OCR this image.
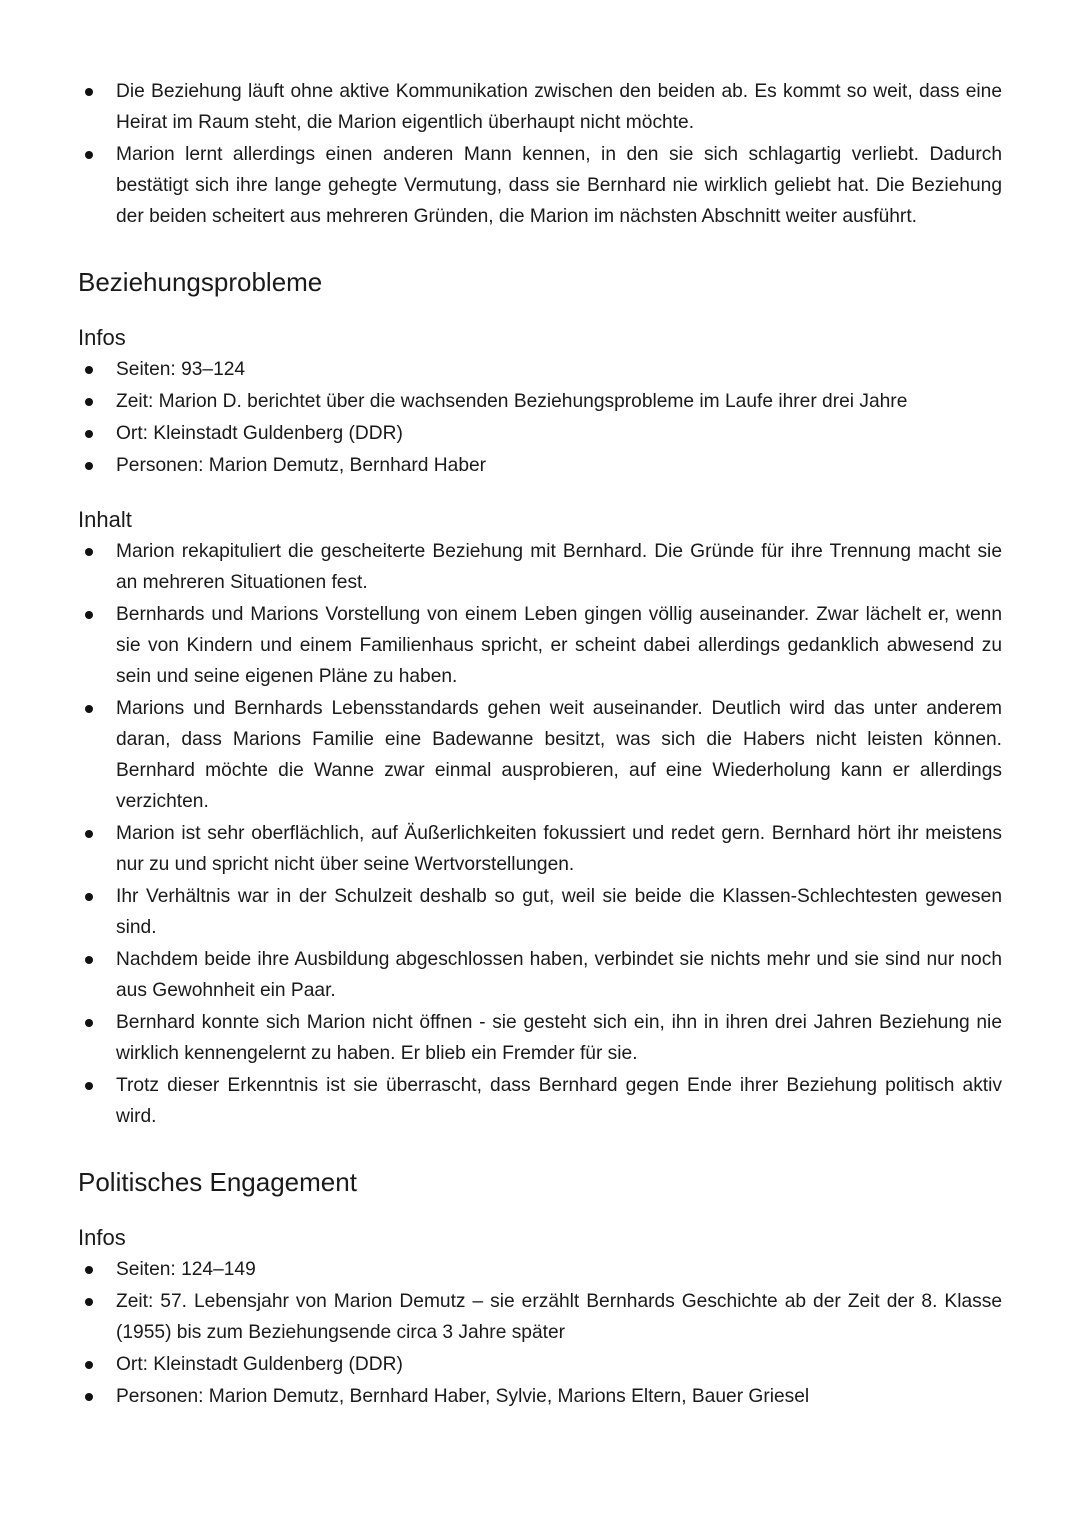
Die Beziehung läuft ohne aktive Kommunikation zwischen den beiden ab. Es kommt so weit, dass eine Heirat im Raum steht, die Marion eigentlich überhaupt nicht möchte.
Marion lernt allerdings einen anderen Mann kennen, in den sie sich schlagartig verliebt. Dadurch bestätigt sich ihre lange gehegte Vermutung, dass sie Bernhard nie wirklich geliebt hat. Die Beziehung der beiden scheitert aus mehreren Gründen, die Marion im nächsten Abschnitt weiter ausführt.
Beziehungsprobleme
Infos
Seiten: 93–124
Zeit: Marion D. berichtet über die wachsenden Beziehungsprobleme im Laufe ihrer drei Jahre
Ort: Kleinstadt Guldenberg (DDR)
Personen: Marion Demutz, Bernhard Haber
Inhalt
Marion rekapituliert die gescheiterte Beziehung mit Bernhard. Die Gründe für ihre Trennung macht sie an mehreren Situationen fest.
Bernhards und Marions Vorstellung von einem Leben gingen völlig auseinander. Zwar lächelt er, wenn sie von Kindern und einem Familienhaus spricht, er scheint dabei allerdings gedanklich abwesend zu sein und seine eigenen Pläne zu haben.
Marions und Bernhards Lebensstandards gehen weit auseinander. Deutlich wird das unter anderem daran, dass Marions Familie eine Badewanne besitzt, was sich die Habers nicht leisten können. Bernhard möchte die Wanne zwar einmal ausprobieren, auf eine Wiederholung kann er allerdings verzichten.
Marion ist sehr oberflächlich, auf Äußerlichkeiten fokussiert und redet gern. Bernhard hört ihr meistens nur zu und spricht nicht über seine Wertvorstellungen.
Ihr Verhältnis war in der Schulzeit deshalb so gut, weil sie beide die Klassen-Schlechtesten gewesen sind.
Nachdem beide ihre Ausbildung abgeschlossen haben, verbindet sie nichts mehr und sie sind nur noch aus Gewohnheit ein Paar.
Bernhard konnte sich Marion nicht öffnen - sie gesteht sich ein, ihn in ihren drei Jahren Beziehung nie wirklich kennengelernt zu haben. Er blieb ein Fremder für sie.
Trotz dieser Erkenntnis ist sie überrascht, dass Bernhard gegen Ende ihrer Beziehung politisch aktiv wird.
Politisches Engagement
Infos
Seiten: 124–149
Zeit: 57. Lebensjahr von Marion Demutz – sie erzählt Bernhards Geschichte ab der Zeit der 8. Klasse (1955) bis zum Beziehungsende circa 3 Jahre später
Ort: Kleinstadt Guldenberg (DDR)
Personen: Marion Demutz, Bernhard Haber, Sylvie, Marions Eltern, Bauer Griesel
